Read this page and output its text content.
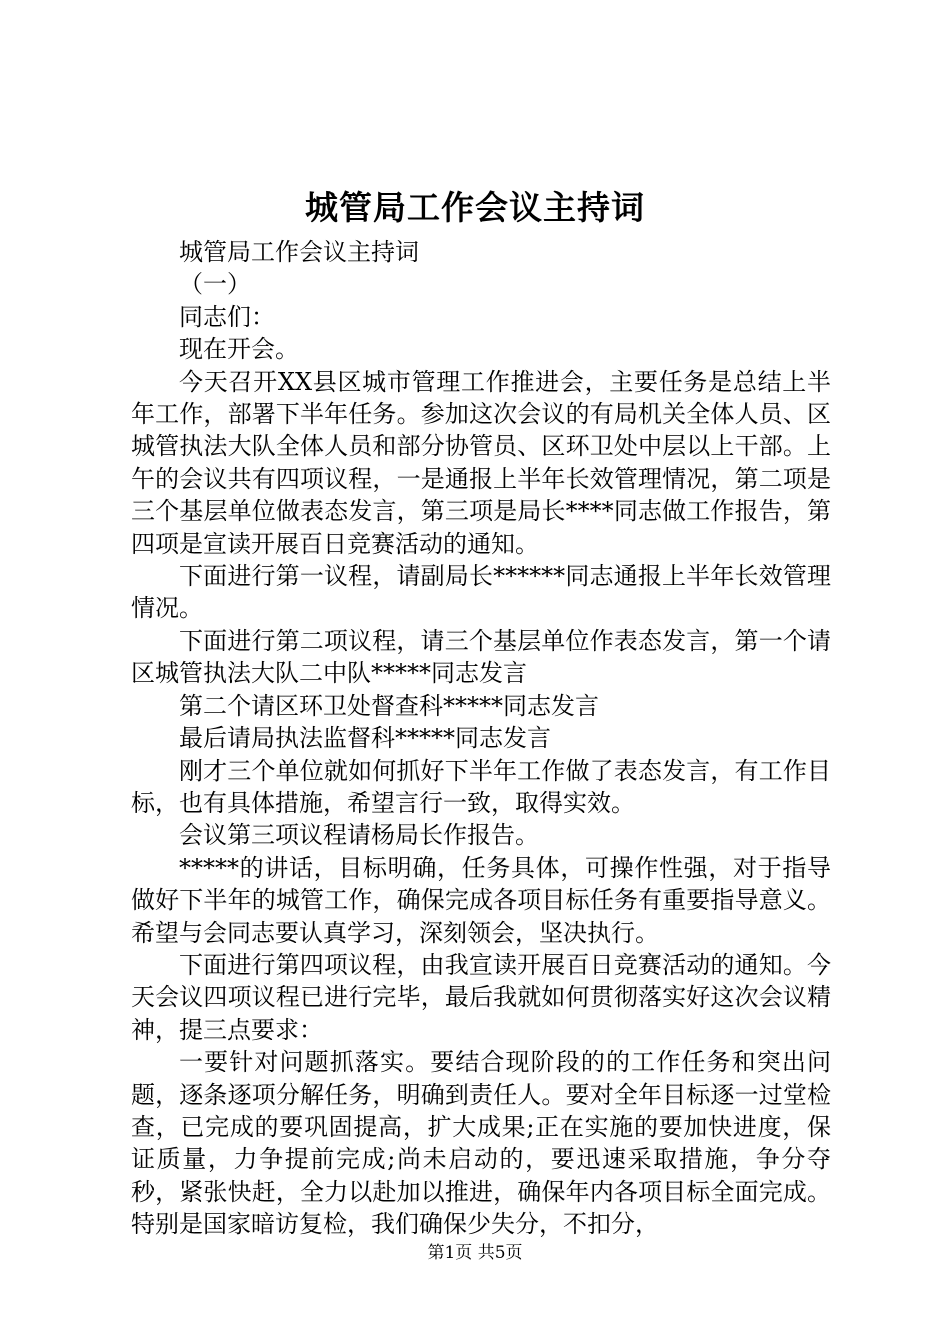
城管局工作会议主持词

城管局工作会议主持词

（一）

同志们：

现在开会。

今天召开XX县区城市管理工作推进会，主要任务是总结上半年工作，部署下半年任务。参加这次会议的有局机关全体人员、区城管执法大队全体人员和部分协管员、区环卫处中层以上干部。上午的会议共有四项议程，一是通报上半年长效管理情况，第二项是三个基层单位做表态发言，第三项是局长****同志做工作报告，第四项是宣读开展百日竞赛活动的通知。

下面进行第一议程，请副局长******同志通报上半年长效管理情况。

下面进行第二项议程，请三个基层单位作表态发言，第一个请区城管执法大队二中队*****同志发言

第二个请区环卫处督查科*****同志发言

最后请局执法监督科*****同志发言

刚才三个单位就如何抓好下半年工作做了表态发言，有工作目标，也有具体措施，希望言行一致，取得实效。

会议第三项议程请杨局长作报告。

*****的讲话，目标明确，任务具体，可操作性强，对于指导做好下半年的城管工作，确保完成各项目标任务有重要指导意义。希望与会同志要认真学习，深刻领会，坚决执行。

下面进行第四项议程，由我宣读开展百日竞赛活动的通知。今天会议四项议程已进行完毕，最后我就如何贯彻落实好这次会议精神，提三点要求：

一要针对问题抓落实。要结合现阶段的的工作任务和突出问题，逐条逐项分解任务，明确到责任人。要对全年目标逐一过堂检查，已完成的要巩固提高，扩大成果;正在实施的要加快进度，保证质量，力争提前完成;尚未启动的，要迅速采取措施，争分夺秒，紧张快赶，全力以赴加以推进，确保年内各项目标全面完成。特别是国家暗访复检，我们确保少失分，不扣分，

第1页 共5页
